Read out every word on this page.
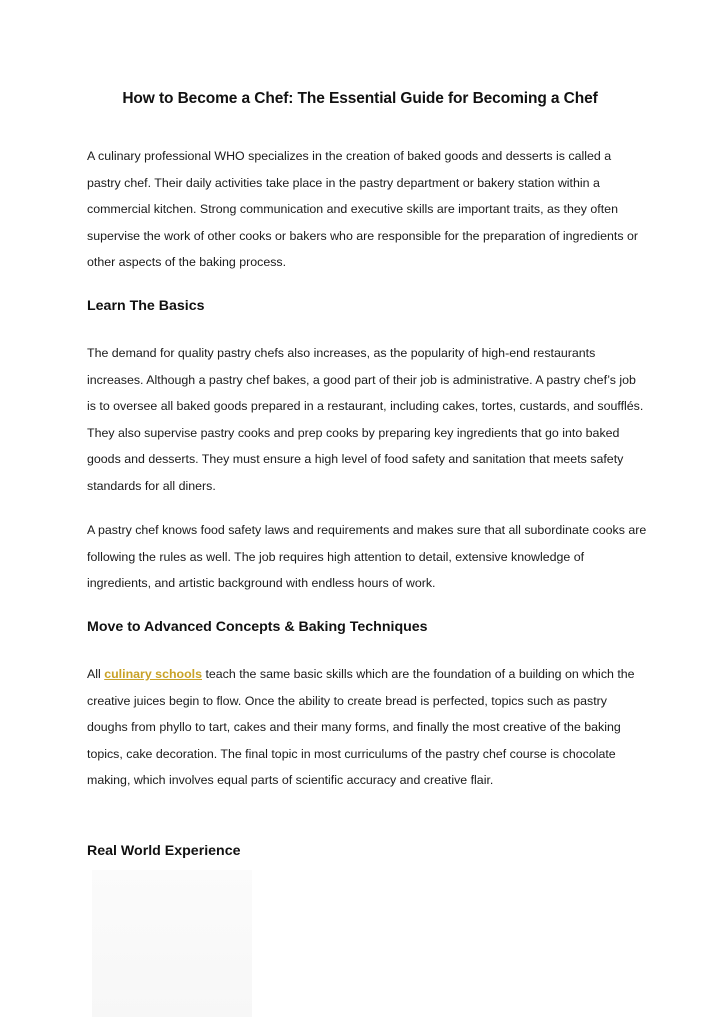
How to Become a Chef: The Essential Guide for Becoming a Chef

A culinary professional WHO specializes in the creation of baked goods and desserts is called a pastry chef. Their daily activities take place in the pastry department or bakery station within a commercial kitchen. Strong communication and executive skills are important traits, as they often supervise the work of other cooks or bakers who are responsible for the preparation of ingredients or other aspects of the baking process.

Learn The Basics

The demand for quality pastry chefs also increases, as the popularity of high-end restaurants increases. Although a pastry chef bakes, a good part of their job is administrative. A pastry chef’s job is to oversee all baked goods prepared in a restaurant, including cakes, tortes, custards, and soufflés. They also supervise pastry cooks and prep cooks by preparing key ingredients that go into baked goods and desserts. They must ensure a high level of food safety and sanitation that meets safety standards for all diners.

A pastry chef knows food safety laws and requirements and makes sure that all subordinate cooks are following the rules as well. The job requires high attention to detail, extensive knowledge of ingredients, and artistic background with endless hours of work.

Move to Advanced Concepts & Baking Techniques

All culinary schools teach the same basic skills which are the foundation of a building on which the creative juices begin to flow. Once the ability to create bread is perfected, topics such as pastry doughs from phyllo to tart, cakes and their many forms, and finally the most creative of the baking topics, cake decoration. The final topic in most curriculums of the pastry chef course is chocolate making, which involves equal parts of scientific accuracy and creative flair.

Real World Experience
